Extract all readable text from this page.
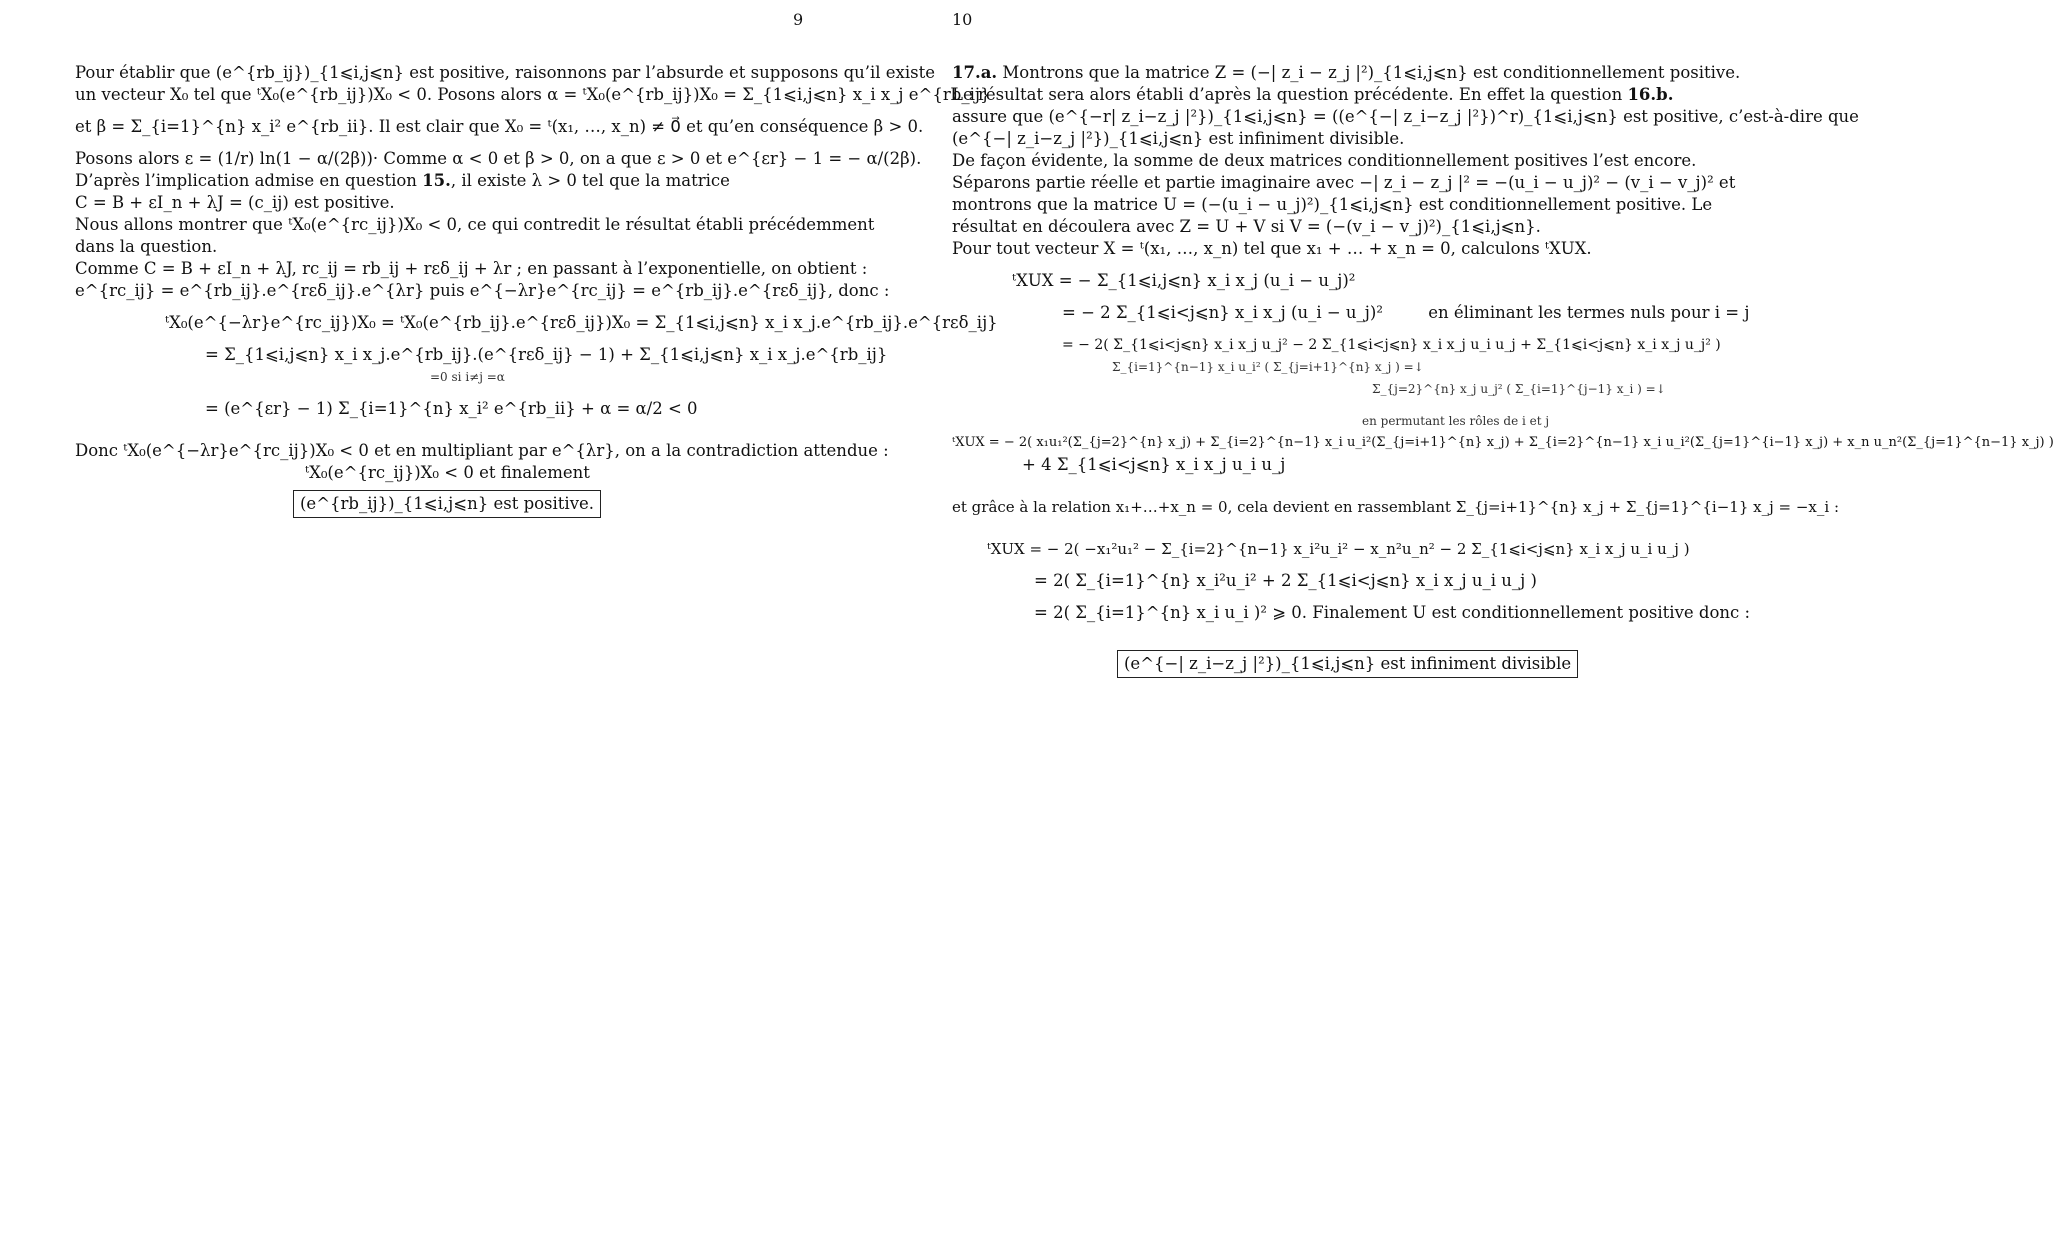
9
Pour établir que (e^{rb_ij})_{1⩽i,j⩽n} est positive, raisonnons par l’absurde et supposons qu’il existe
un vecteur X₀ tel que ᵗX₀(e^{rb_ij})X₀ < 0. Posons alors α = ᵗX₀(e^{rb_ij})X₀ = Σ_{1⩽i,j⩽n} x_i x_j e^{rb_ij}
et β = Σ_{i=1}^{n} x_i² e^{rb_ii}. Il est clair que X₀ = ᵗ(x₁, …, x_n) ≠ 0⃗ et qu’en conséquence β > 0.
Posons alors ε = (1/r) ln(1 − α/(2β))· Comme α < 0 et β > 0, on a que ε > 0 et e^{εr} − 1 = − α/(2β).
D’après l’implication admise en question 15., il existe λ > 0 tel que la matrice
C = B + εI_n + λJ = (c_ij) est positive.
Nous allons montrer que ᵗX₀(e^{rc_ij})X₀ < 0, ce qui contredit le résultat établi précédemment
dans la question.
Comme C = B + εI_n + λJ, rc_ij = rb_ij + rεδ_ij + λr ; en passant à l’exponentielle, on obtient :
e^{rc_ij} = e^{rb_ij}.e^{rεδ_ij}.e^{λr} puis e^{−λr}e^{rc_ij} = e^{rb_ij}.e^{rεδ_ij}, donc :
ᵗX₀(e^{−λr}e^{rc_ij})X₀ = ᵗX₀(e^{rb_ij}.e^{rεδ_ij})X₀ = Σ_{1⩽i,j⩽n} x_i x_j.e^{rb_ij}.e^{rεδ_ij}
= Σ_{1⩽i,j⩽n} x_i x_j.e^{rb_ij}.(e^{rεδ_ij} − 1) + Σ_{1⩽i,j⩽n} x_i x_j.e^{rb_ij}
=0 si i≠j =α
= (e^{εr} − 1) Σ_{i=1}^{n} x_i² e^{rb_ii} + α = α/2 < 0
Donc ᵗX₀(e^{−λr}e^{rc_ij})X₀ < 0 et en multipliant par e^{λr}, on a la contradiction attendue :
ᵗX₀(e^{rc_ij})X₀ < 0 et finalement
(e^{rb_ij})_{1⩽i,j⩽n} est positive.
10
17.a. Montrons que la matrice Z = (−| z_i − z_j |²)_{1⩽i,j⩽n} est conditionnellement positive.
Le résultat sera alors établi d’après la question précédente. En effet la question 16.b.
assure que (e^{−r| z_i−z_j |²})_{1⩽i,j⩽n} = ((e^{−| z_i−z_j |²})^r)_{1⩽i,j⩽n} est positive, c’est-à-dire que
(e^{−| z_i−z_j |²})_{1⩽i,j⩽n} est infiniment divisible.
De façon évidente, la somme de deux matrices conditionnellement positives l’est encore.
Séparons partie réelle et partie imaginaire avec −| z_i − z_j |² = −(u_i − u_j)² − (v_i − v_j)² et
montrons que la matrice U = (−(u_i − u_j)²)_{1⩽i,j⩽n} est conditionnellement positive. Le
résultat en découlera avec Z = U + V si V = (−(v_i − v_j)²)_{1⩽i,j⩽n}.
Pour tout vecteur X = ᵗ(x₁, …, x_n) tel que x₁ + … + x_n = 0, calculons ᵗXUX.
ᵗXUX = − Σ_{1⩽i,j⩽n} x_i x_j (u_i − u_j)²
= − 2 Σ_{1⩽i<j⩽n} x_i x_j (u_i − u_j)²	en éliminant les termes nuls pour i = j
= − 2( Σ_{1⩽i<j⩽n} x_i x_j u_j² − 2 Σ_{1⩽i<j⩽n} x_i x_j u_i u_j + Σ_{1⩽i<j⩽n} x_i x_j u_j² )
Σ_{i=1}^{n−1} x_i u_i² ( Σ_{j=i+1}^{n} x_j ) =↓
Σ_{j=2}^{n} x_j u_j² ( Σ_{i=1}^{j−1} x_i ) =↓
en permutant les rôles de i et j
ᵗXUX = − 2( x₁u₁²(Σ_{j=2}^{n} x_j) + Σ_{i=2}^{n−1} x_i u_i²(Σ_{j=i+1}^{n} x_j) + Σ_{i=2}^{n−1} x_i u_i²(Σ_{j=1}^{i−1} x_j) + x_n u_n²(Σ_{j=1}^{n−1} x_j) )
+ 4 Σ_{1⩽i<j⩽n} x_i x_j u_i u_j
et grâce à la relation x₁+…+x_n = 0, cela devient en rassemblant Σ_{j=i+1}^{n} x_j + Σ_{j=1}^{i−1} x_j = −x_i :
ᵗXUX = − 2( −x₁²u₁² − Σ_{i=2}^{n−1} x_i²u_i² − x_n²u_n² − 2 Σ_{1⩽i<j⩽n} x_i x_j u_i u_j )
= 2( Σ_{i=1}^{n} x_i²u_i² + 2 Σ_{1⩽i<j⩽n} x_i x_j u_i u_j )
= 2( Σ_{i=1}^{n} x_i u_i )² ⩾ 0. Finalement U est conditionnellement positive donc :
(e^{−| z_i−z_j |²})_{1⩽i,j⩽n} est infiniment divisible
